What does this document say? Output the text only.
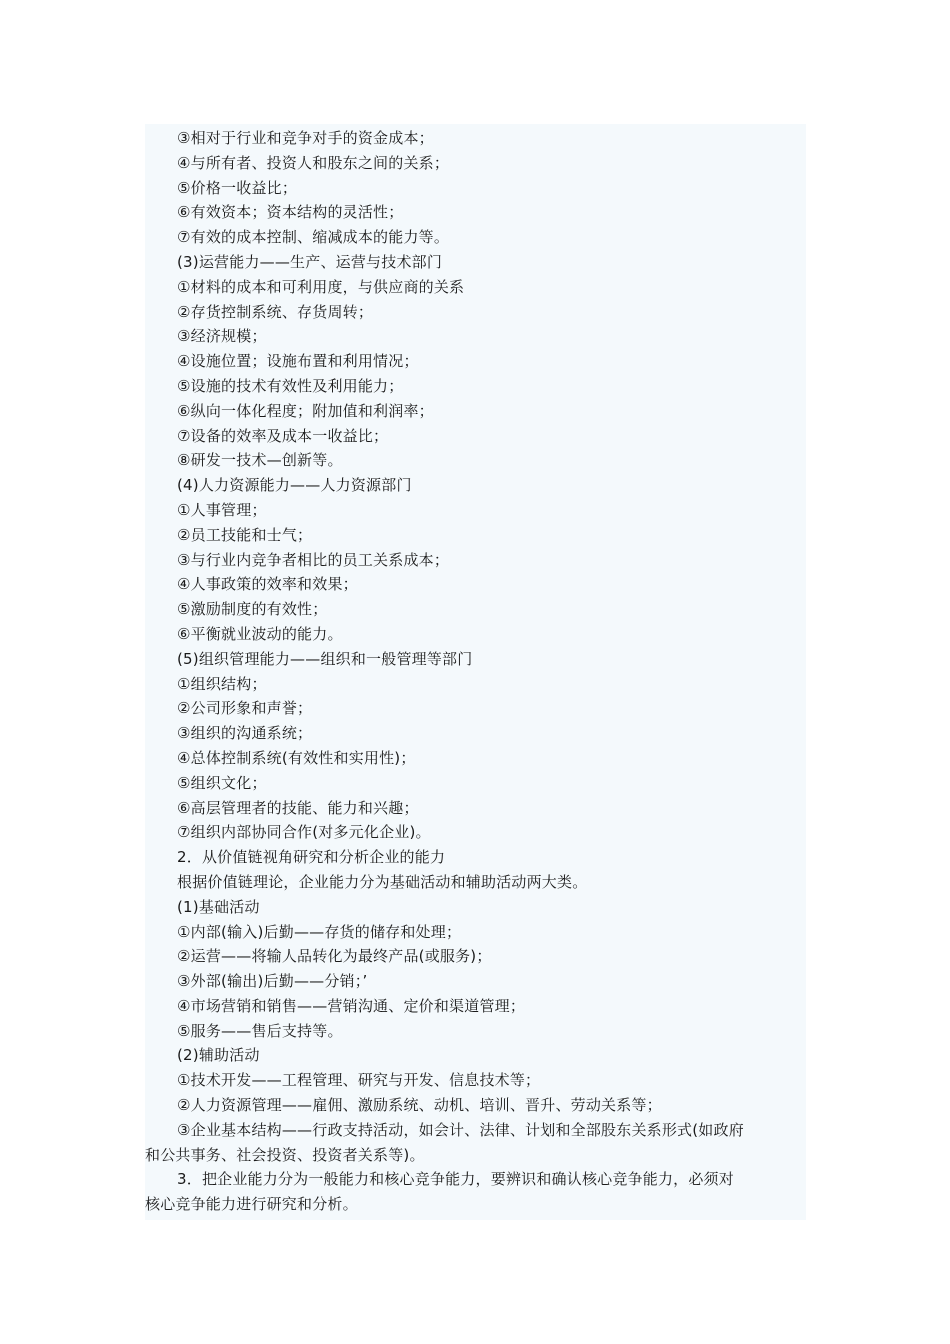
③相对于行业和竞争对手的资金成本；
④与所有者、投资人和股东之间的关系；
⑤价格一收益比；
⑥有效资本；资本结构的灵活性；
⑦有效的成本控制、缩减成本的能力等。
(3)运营能力——生产、运营与技术部门
①材料的成本和可利用度，与供应商的关系
②存货控制系统、存货周转；
③经济规模；
④设施位置；设施布置和利用情况；
⑤设施的技术有效性及利用能力；
⑥纵向一体化程度；附加值和利润率；
⑦设备的效率及成本一收益比；
⑧研发一技术—创新等。
(4)人力资源能力——人力资源部门
①人事管理；
②员工技能和士气；
③与行业内竞争者相比的员工关系成本；
④人事政策的效率和效果；
⑤激励制度的有效性；
⑥平衡就业波动的能力。
(5)组织管理能力——组织和一般管理等部门
①组织结构；
②公司形象和声誉；
③组织的沟通系统；
④总体控制系统(有效性和实用性)；
⑤组织文化；
⑥高层管理者的技能、能力和兴趣；
⑦组织内部协同合作(对多元化企业)。
2．从价值链视角研究和分析企业的能力
根据价值链理论，企业能力分为基础活动和辅助活动两大类。
(1)基础活动
①内部(输入)后勤——存货的储存和处理；
②运营——将输人品转化为最终产品(或服务)；
③外部(输出)后勤——分销；’
④市场营销和销售——营销沟通、定价和渠道管理；
⑤服务——售后支持等。
(2)辅助活动
①技术开发——工程管理、研究与开发、信息技术等；
②人力资源管理——雇佣、激励系统、动机、培训、晋升、劳动关系等；
③企业基本结构——行政支持活动，如会计、法律、计划和全部股东关系形式(如政府
和公共事务、社会投资、投资者关系等)。
3．把企业能力分为一般能力和核心竞争能力，要辨识和确认核心竞争能力，必须对
核心竞争能力进行研究和分析。
